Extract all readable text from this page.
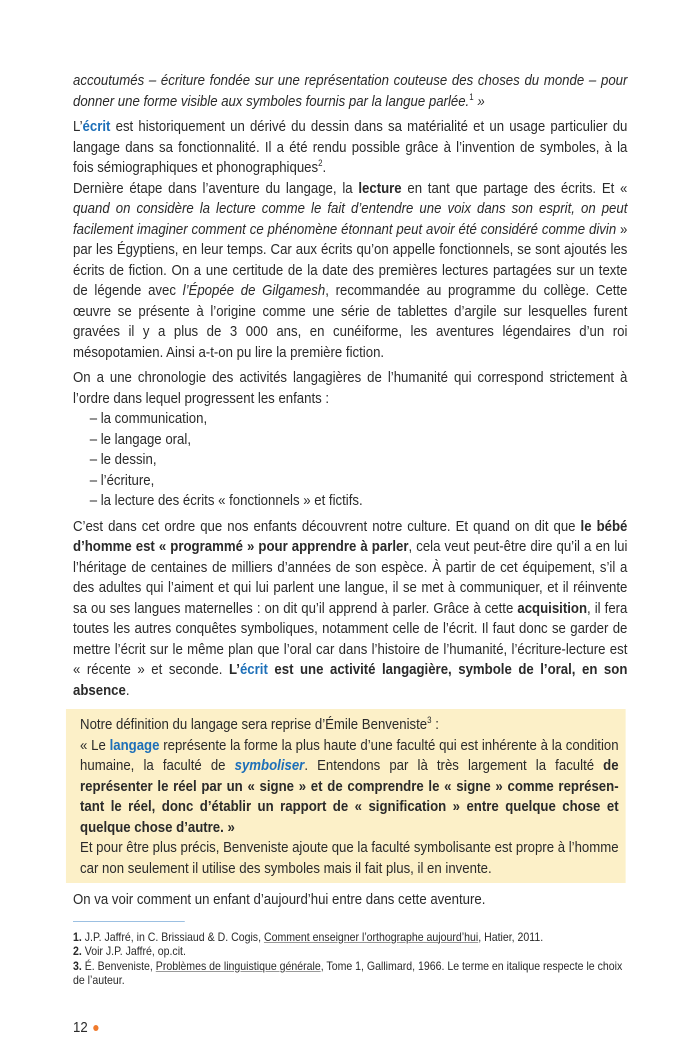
accoutumés – écriture fondée sur une représentation couteuse des choses du monde – pour donner une forme visible aux symboles fournis par la langue parlée.$^1$ »

L’écrit est historiquement un dérivé du dessin dans sa matérialité et un usage particulier du langage dans sa fonctionnalité. Il a été rendu possible grâce à l’invention de symboles, à la fois sémiographiques et phonographiques$^2$.

Dernière étape dans l’aventure du langage, la lecture en tant que partage des écrits. Et « quand on considère la lecture comme le fait d’entendre une voix dans son esprit, on peut facilement imaginer comment ce phénomène étonnant peut avoir été considéré comme divin » par les Égyptiens, en leur temps. Car aux écrits qu’on appelle fonctionnels, se sont ajoutés les écrits de fiction. On a une certitude de la date des premières lectures partagées sur un texte de légende avec l’Épopée de Gilgamesh, recommandée au programme du collège. Cette œuvre se présente à l’origine comme une série de tablettes d’argile sur lesquelles furent gravées il y a plus de 3 000 ans, en cunéiforme, les aventures légendaires d’un roi mésopotamien. Ainsi a-t-on pu lire la première fiction.

On a une chronologie des activités langagières de l’humanité qui correspond strictement à l’ordre dans lequel progressent les enfants :

– la communication,
– le langage oral,
– le dessin,
– l’écriture,
– la lecture des écrits « fonctionnels » et fictifs.

C’est dans cet ordre que nos enfants découvrent notre culture. Et quand on dit que le bébé d’homme est « programmé » pour apprendre à parler, cela veut peut-être dire qu’il a en lui l’héritage de centaines de milliers d’années de son espèce. À partir de cet équipement, s’il a des adultes qui l’aiment et qui lui parlent une langue, il se met à communiquer, et il réinvente sa ou ses langues maternelles : on dit qu’il apprend à parler. Grâce à cette acquisition, il fera toutes les autres conquêtes symboliques, notamment celle de l’écrit. Il faut donc se garder de mettre l’écrit sur le même plan que l’oral car dans l’histoire de l’humanité, l’écriture-lecture est « récente » et seconde. L’écrit est une activité langagière, symbole de l’oral, en son absence.

Notre définition du langage sera reprise d’Émile Benveniste$^3$ :

« Le langage représente la forme la plus haute d’une faculté qui est inhérente à la condition humaine, la faculté de symboliser. Entendons par là très largement la faculté de représenter le réel par un « signe » et de comprendre le « signe » comme représentant le réel, donc d’établir un rapport de « signification » entre quelque chose et quelque chose d’autre. »

Et pour être plus précis, Benveniste ajoute que la faculté symbolisante est propre à l’homme car non seulement il utilise des symboles mais il fait plus, il en invente.

On va voir comment un enfant d’aujourd’hui entre dans cette aventure.

1. J.P. Jaffré, in C. Brissiaud & D. Cogis, Comment enseigner l’orthographe aujourd’hui, Hatier, 2011.

2. Voir J.P. Jaffré, op.cit.

3. É. Benveniste, Problèmes de linguistique générale, Tome 1, Gallimard, 1966. Le terme en italique respecte le choix de l’auteur.

12
